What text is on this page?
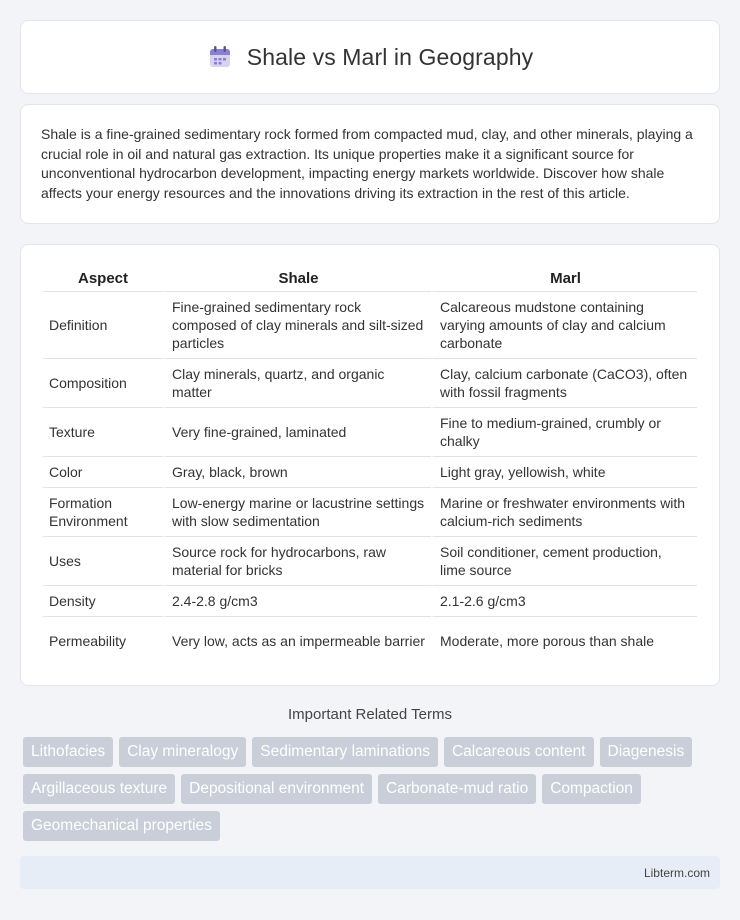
Shale vs Marl in Geography

Shale is a fine-grained sedimentary rock formed from compacted mud, clay, and other minerals, playing a crucial role in oil and natural gas extraction. Its unique properties make it a significant source for unconventional hydrocarbon development, impacting energy markets worldwide. Discover how shale affects your energy resources and the innovations driving its extraction in the rest of this article.

Aspect	Shale	Marl
Definition	Fine-grained sedimentary rock composed of clay minerals and silt-sized particles	Calcareous mudstone containing varying amounts of clay and calcium carbonate
Composition	Clay minerals, quartz, and organic matter	Clay, calcium carbonate (CaCO3), often with fossil fragments
Texture	Very fine-grained, laminated	Fine to medium-grained, crumbly or chalky
Color	Gray, black, brown	Light gray, yellowish, white
Formation Environment	Low-energy marine or lacustrine settings with slow sedimentation	Marine or freshwater environments with calcium-rich sediments
Uses	Source rock for hydrocarbons, raw material for bricks	Soil conditioner, cement production, lime source
Density	2.4-2.8 g/cm3	2.1-2.6 g/cm3
Permeability	Very low, acts as an impermeable barrier	Moderate, more porous than shale
Important Related Terms
Lithofacies	Clay mineralogy	Sedimentary laminations	Calcareous content	Diagenesis
Argillaceous texture	Depositional environment	Carbonate-mud ratio	Compaction
Geomechanical properties
Libterm.com
